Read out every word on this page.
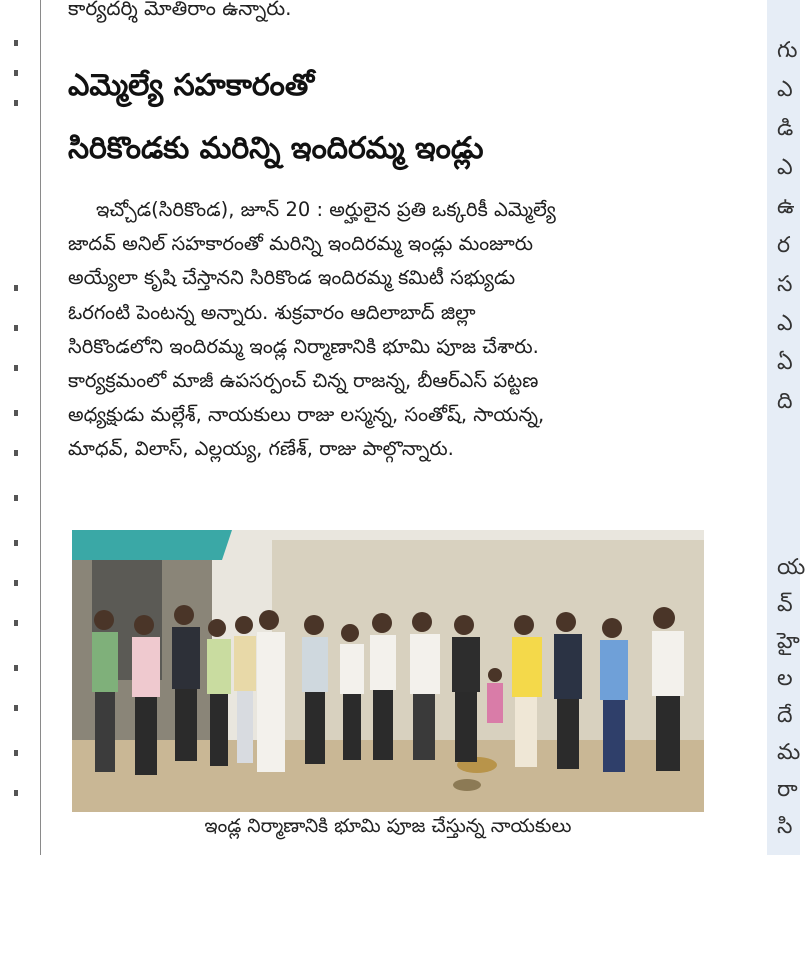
గు
ఎ
డి
ఎ
ఉ
ర
స
ఎ
ఏ
ది
య
వ్
హై
ల
దే
మ
రా
సి
కార్యదర్శి మోతిరాం ఉన్నారు.
ఎమ్మెల్యే సహకారంతో
సిరికొండకు మరిన్ని ఇందిరమ్మ ఇండ్లు
ఇచ్చోడ(సిరికొండ), జూన్ 20 : అర్హులైన ప్రతి ఒక్కరికీ ఎమ్మెల్యే
జాదవ్ అనిల్ సహకారంతో మరిన్ని ఇందిరమ్మ ఇండ్లు మంజూరు
అయ్యేలా కృషి చేస్తానని సిరికొండ ఇందిరమ్మ కమిటీ సభ్యుడు
ఓరగంటి పెంటన్న అన్నారు. శుక్రవారం ఆదిలాబాద్ జిల్లా
సిరికొండలోని ఇందిరమ్మ ఇండ్ల నిర్మాణానికి భూమి పూజ చేశారు.
కార్యక్రమంలో మాజీ ఉపసర్పంచ్ చిన్న రాజన్న, బీఆర్ఎస్ పట్టణ
అధ్యక్షుడు మల్లేశ్, నాయకులు రాజు లస్మన్న, సంతోష్, సాయన్న,
మాధవ్, విలాస్, ఎల్లయ్య, గణేశ్, రాజు పాల్గొన్నారు.
ఇండ్ల నిర్మాణానికి భూమి పూజ చేస్తున్న నాయకులు
